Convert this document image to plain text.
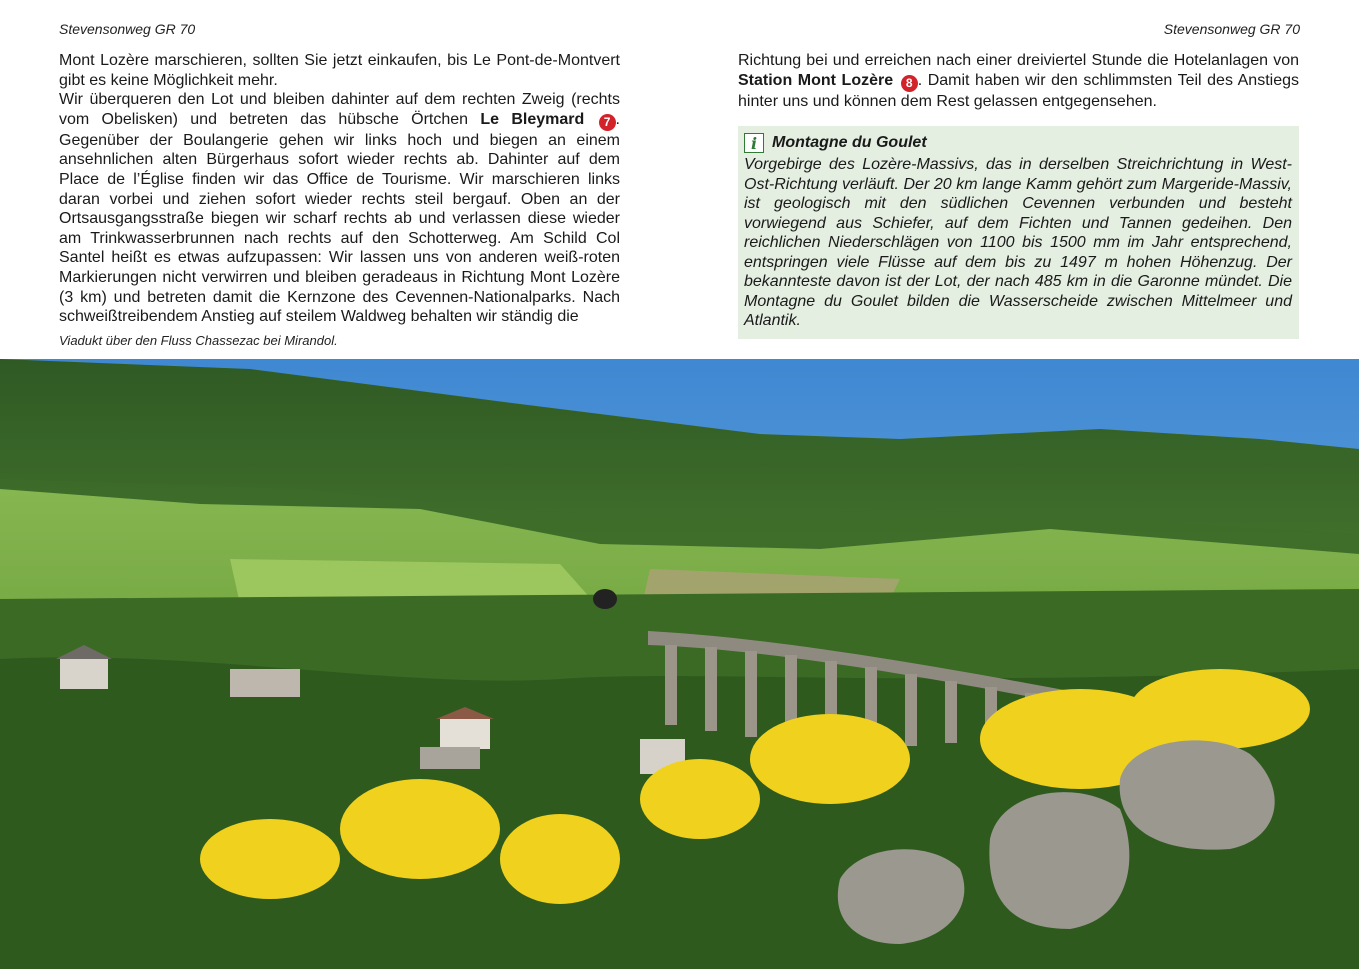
Stevensonweg GR 70	Stevensonweg GR 70

Mont Lozère marschieren, sollten Sie jetzt einkaufen, bis Le Pont-de-Montvert gibt es keine Möglichkeit mehr.

Wir überqueren den Lot und bleiben dahinter auf dem rechten Zweig (rechts vom Obelisken) und betreten das hübsche Örtchen Le Bleymard 7 . Gegenüber der Boulangerie gehen wir links hoch und biegen an einem ansehnlichen alten Bürgerhaus sofort wieder rechts ab. Dahinter auf dem Place de l’Église finden wir das Office de Tourisme. Wir marschieren links daran vorbei und ziehen sofort wieder rechts steil bergauf. Oben an der Ortsausgangsstraße biegen wir scharf rechts ab und verlassen diese wieder am Trinkwasserbrunnen nach rechts auf den Schotterweg. Am Schild Col Santel heißt es etwas aufzupassen: Wir lassen uns von anderen weiß-roten Markierungen nicht verwirren und bleiben geradeaus in Richtung Mont Lozère (3 km) und betreten damit die Kernzone des Cevennen-Nationalparks. Nach schweißtreibendem Anstieg auf steilem Waldweg behalten wir ständig die

Viadukt über den Fluss Chassezac bei Mirandol.

Richtung bei und erreichen nach einer dreiviertel Stunde die Hotelanlagen von Station Mont Lozère 8 . Damit haben wir den schlimmsten Teil des Anstiegs hinter uns und können dem Rest gelassen entgegensehen.

i Montagne du Goulet
Vorgebirge des Lozère-Massivs, das in derselben Streichrichtung in West-Ost-Richtung verläuft. Der 20 km lange Kamm gehört zum Margeride-Massiv, ist geologisch mit den südlichen Cevennen verbunden und besteht vorwiegend aus Schiefer, auf dem Fichten und Tannen gedeihen. Den reichlichen Niederschlägen von 1100 bis 1500 mm im Jahr entsprechend, entspringen viele Flüsse auf dem bis zu 1497 m hohen Höhenzug. Der bekannteste davon ist der Lot, der nach 485 km in die Garonne mündet. Die Montagne du Goulet bilden die Wasserscheide zwischen Mittelmeer und Atlantik.
